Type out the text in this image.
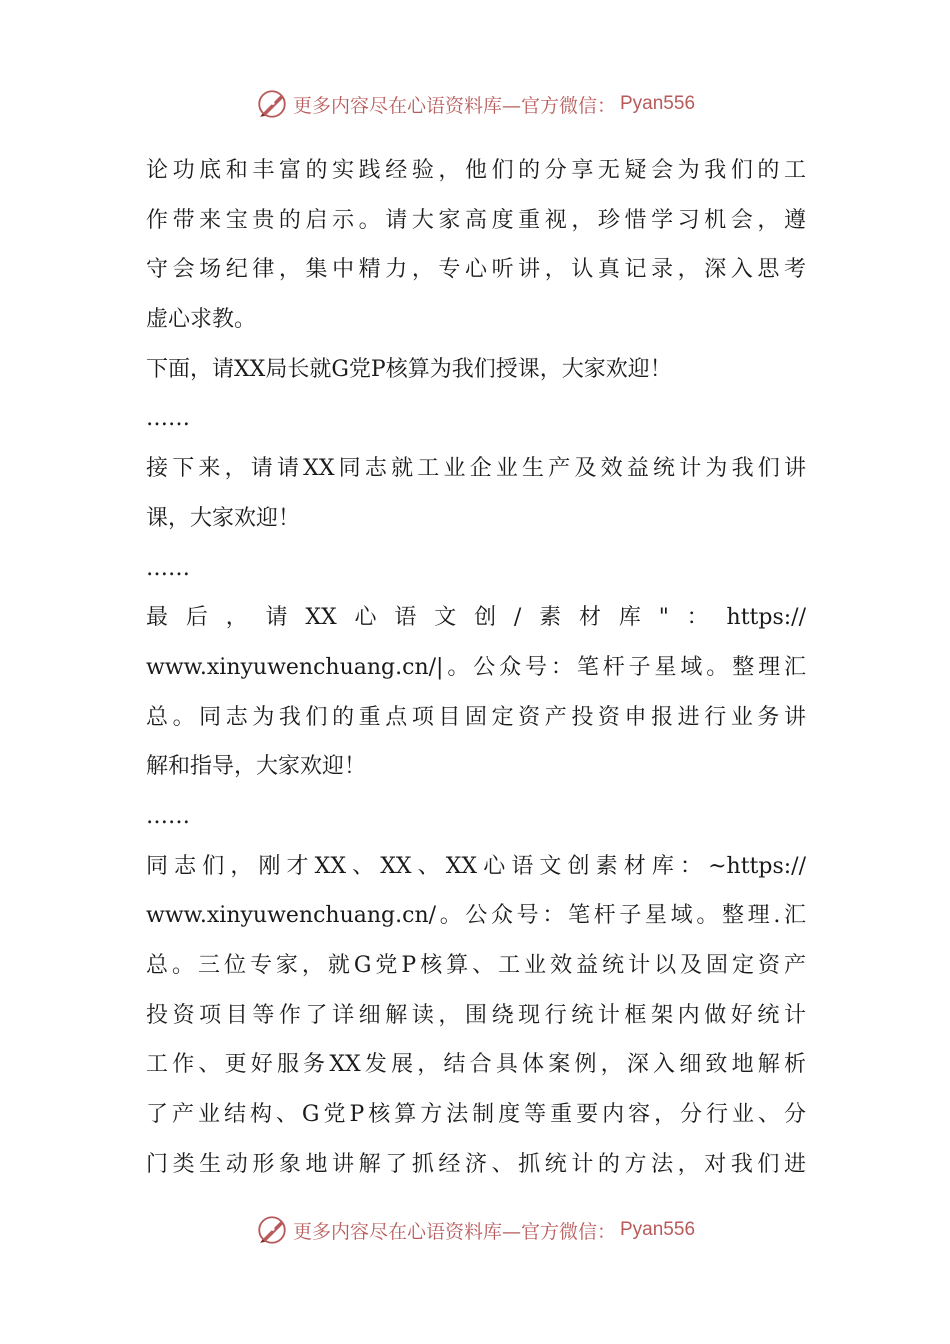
更多内容尽在心语资料库—官方微信： Pyan556
论功底和丰富的实践经验，他们的分享无疑会为我们的工
作带来宝贵的启示。请大家高度重视，珍惜学习机会，遵
守会场纪律，集中精力，专心听讲，认真记录，深入思考
虚心求教。
下面，请XX局长就G党P核算为我们授课，大家欢迎！
……
接下来，请请XX同志就工业企业生产及效益统计为我们讲
课，大家欢迎！
……
最后，请XX心语文创/素材库"：https://
www.xinyuwenchuang.cn/|。公众号：笔杆子星域。整理汇
总。同志为我们的重点项目固定资产投资申报进行业务讲
解和指导，大家欢迎！
……
同志们，刚才XX、XX、XX心语文创素材库：~https://
www.xinyuwenchuang.cn/。公众号：笔杆子星域。整理.汇
总。三位专家，就G党P核算、工业效益统计以及固定资产
投资项目等作了详细解读，围绕现行统计框架内做好统计
工作、更好服务XX发展，结合具体案例，深入细致地解析
了产业结构、G党P核算方法制度等重要内容，分行业、分
门类生动形象地讲解了抓经济、抓统计的方法，对我们进
更多内容尽在心语资料库—官方微信： Pyan556
